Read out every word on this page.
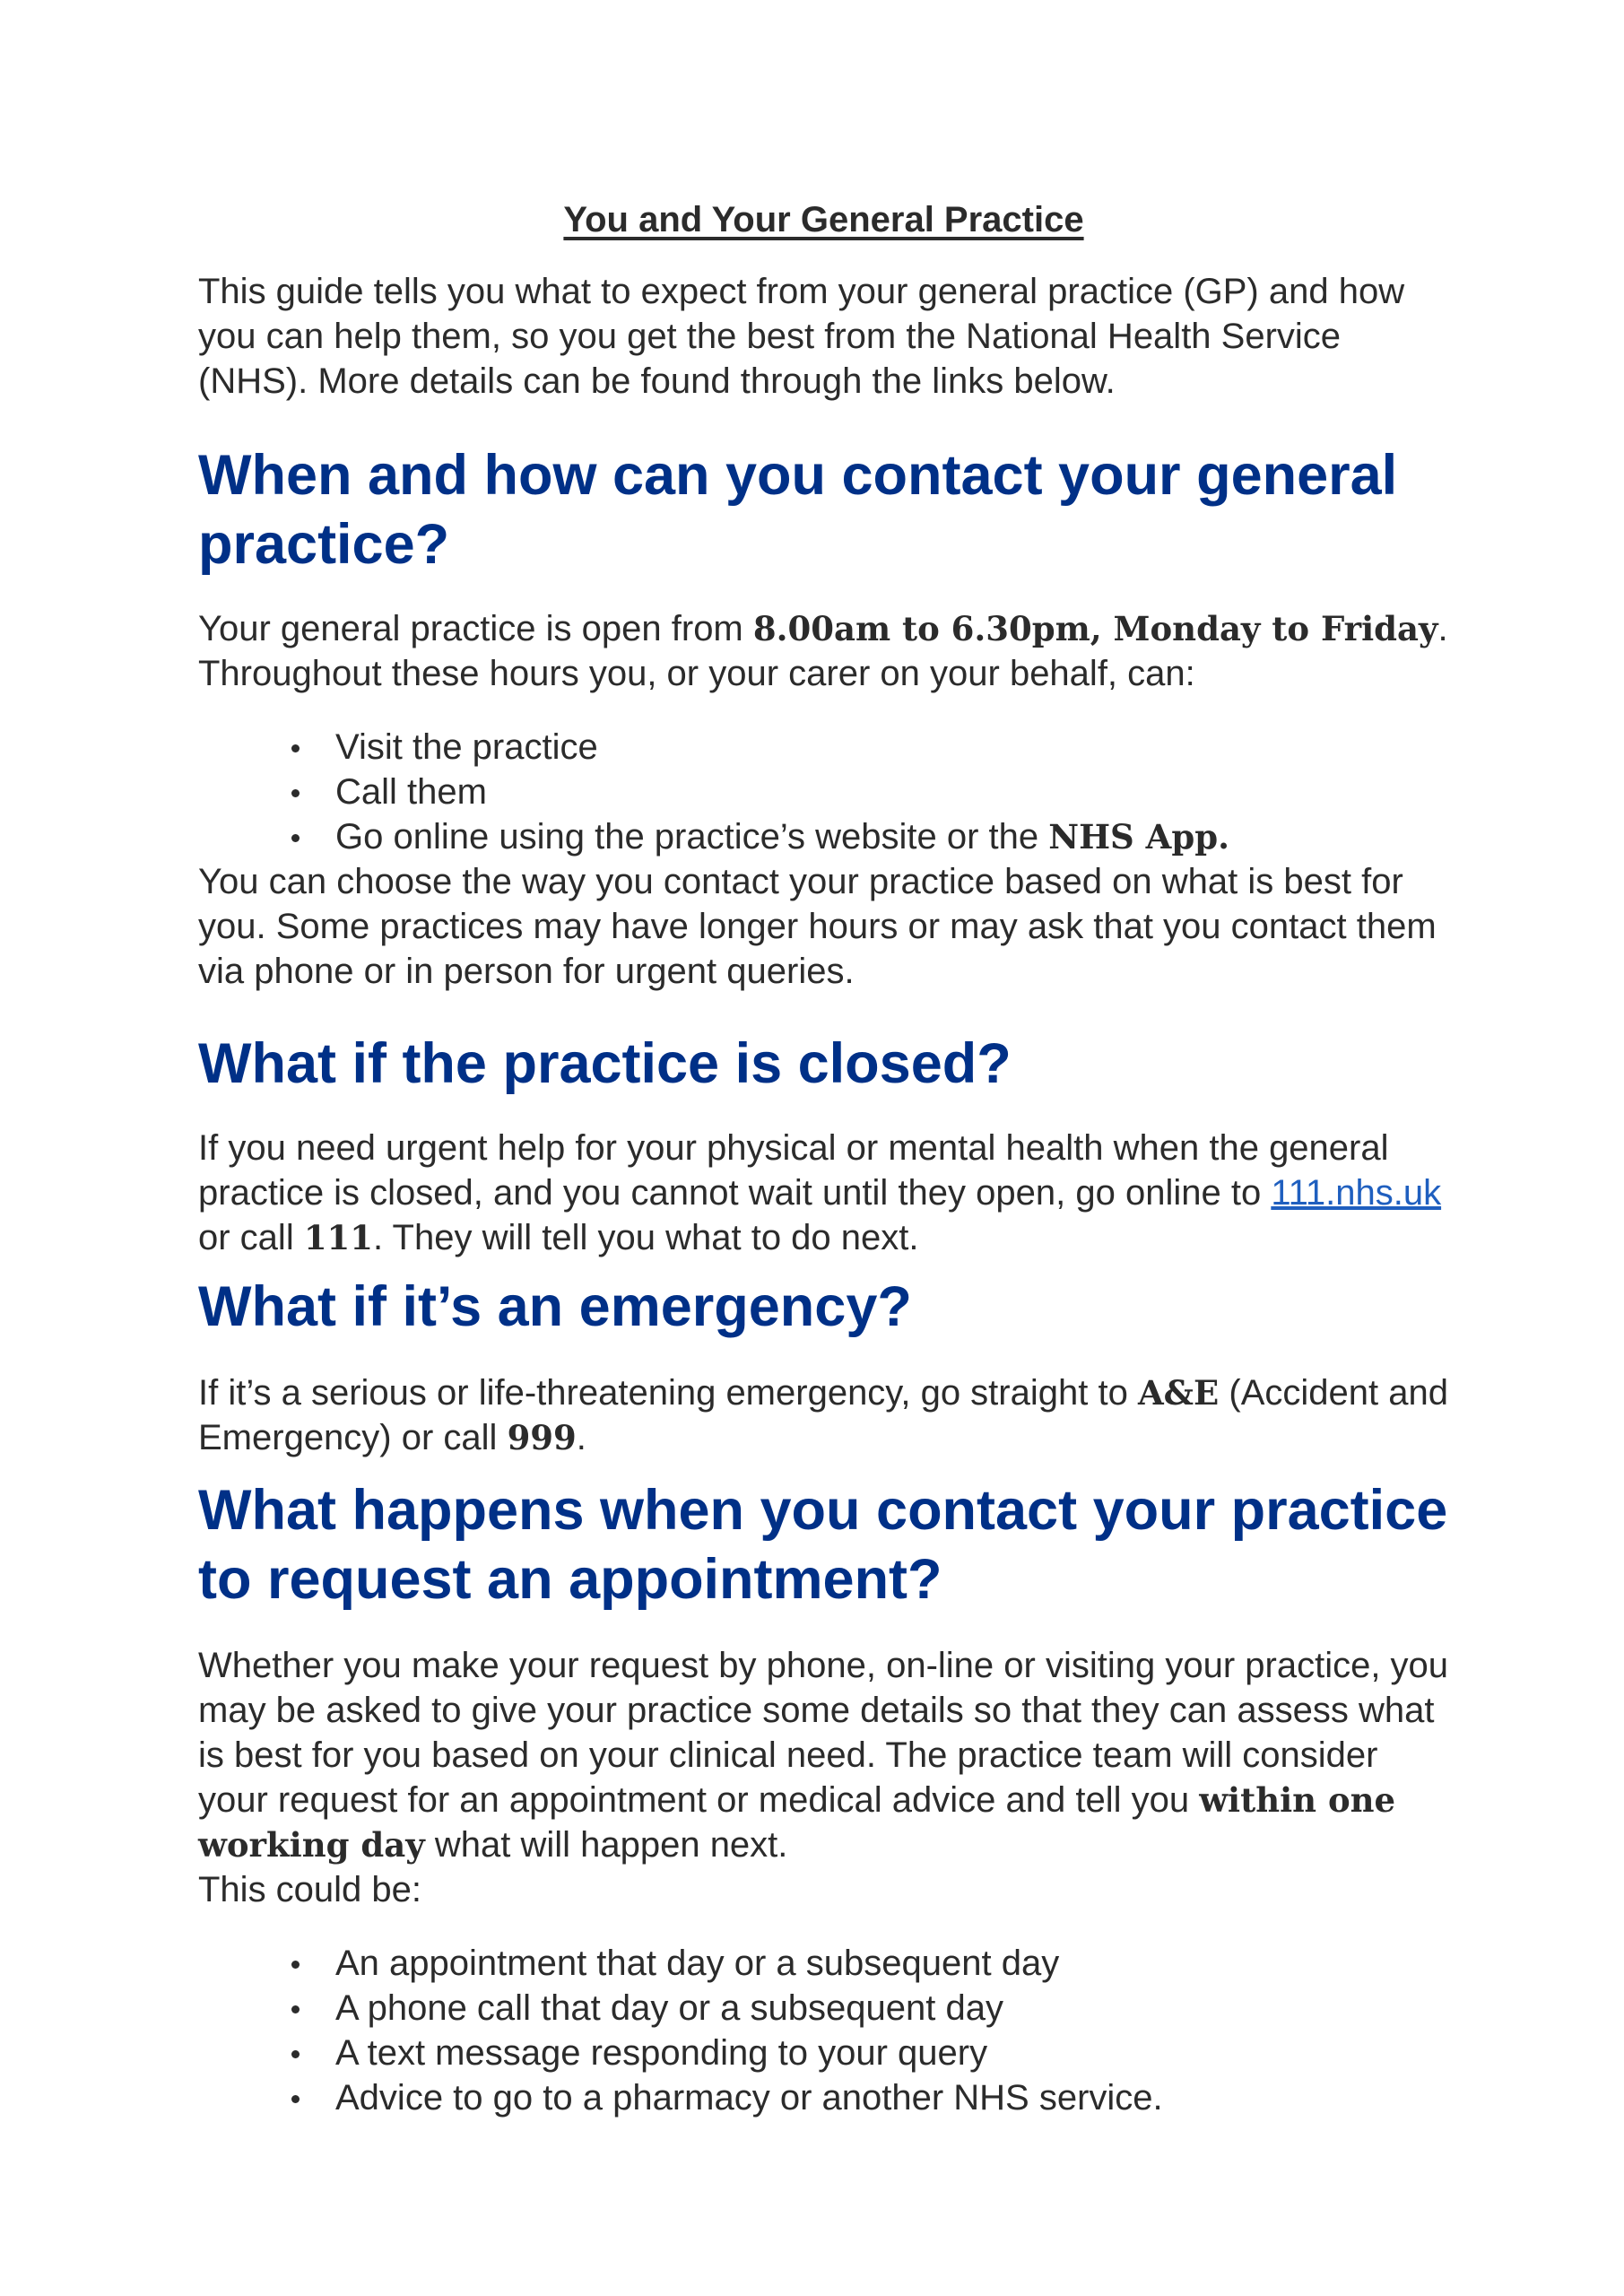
You and Your General Practice

This guide tells you what to expect from your general practice (GP) and how you can help them, so you get the best from the National Health Service (NHS). More details can be found through the links below.

When and how can you contact your general practice?

Your general practice is open from 8.00am to 6.30pm, Monday to Friday.

Throughout these hours you, or your carer on your behalf, can:

Visit the practice
Call them
Go online using the practice’s website or the NHS App.

You can choose the way you contact your practice based on what is best for you. Some practices may have longer hours or may ask that you contact them via phone or in person for urgent queries.

What if the practice is closed?

If you need urgent help for your physical or mental health when the general practice is closed, and you cannot wait until they open, go online to 111.nhs.uk or call 111. They will tell you what to do next.

What if it’s an emergency?

If it’s a serious or life-threatening emergency, go straight to A&E (Accident and Emergency) or call 999.

What happens when you contact your practice to request an appointment?

Whether you make your request by phone, on-line or visiting your practice, you may be asked to give your practice some details so that they can assess what is best for you based on your clinical need. The practice team will consider your request for an appointment or medical advice and tell you within one working day what will happen next.

This could be:

An appointment that day or a subsequent day
A phone call that day or a subsequent day
A text message responding to your query
Advice to go to a pharmacy or another NHS service.
